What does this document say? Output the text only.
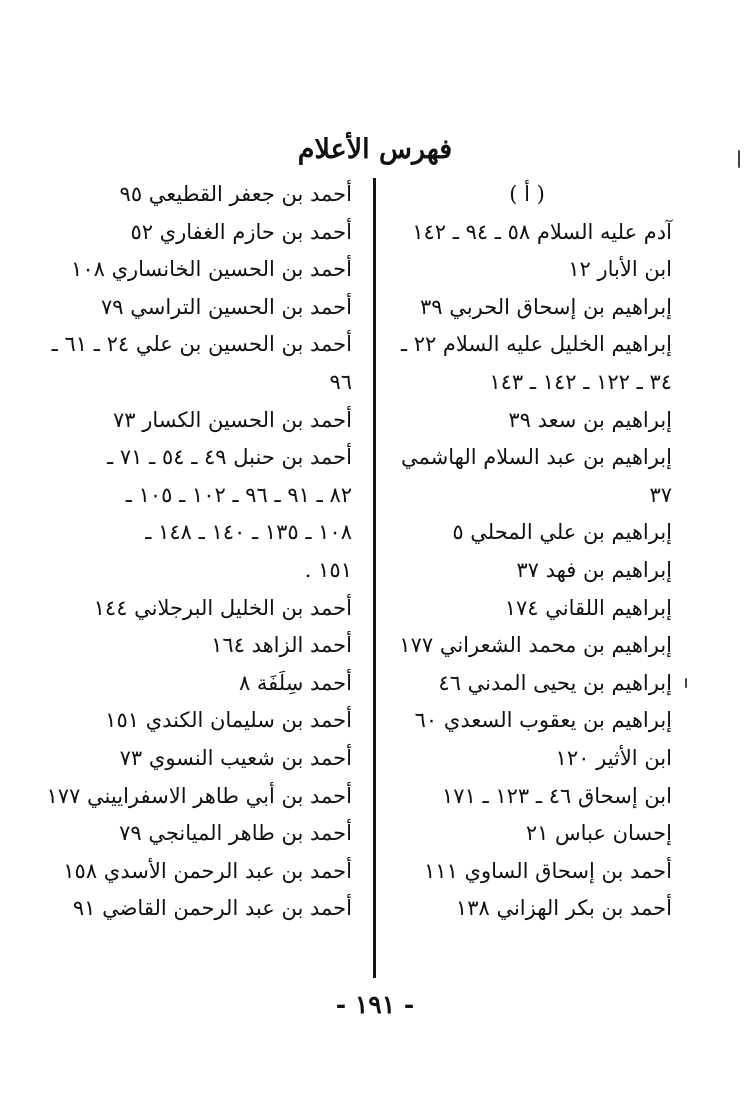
فهرس الأعلام
( أ )
آدم عليه السلام ٥٨ ـ ٩٤ ـ ١٤٢
ابن الأبار ١٢
إبراهيم بن إسحاق الحربي ٣٩
إبراهيم الخليل عليه السلام ٢٢ ـ
٣٤ ـ ١٢٢ ـ ١٤٢ ـ ١٤٣
إبراهيم بن سعد ٣٩
إبراهيم بن عبد السلام الهاشمي
٣٧
إبراهيم بن علي المحلي ٥
إبراهيم بن فهد ٣٧
إبراهيم اللقاني ١٧٤
إبراهيم بن محمد الشعراني ١٧٧
إبراهيم بن يحيى المدني ٤٦
إبراهيم بن يعقوب السعدي ٦٠
ابن الأثير ١٢٠
ابن إسحاق ٤٦ ـ ١٢٣ ـ ١٧١
إحسان عباس ٢١
أحمد بن إسحاق الساوي ١١١
أحمد بن بكر الهزاني ١٣٨
أحمد بن جعفر القطيعي ٩٥
أحمد بن حازم الغفاري ٥٢
أحمد بن الحسين الخانساري ١٠٨
أحمد بن الحسين التراسي ٧٩
أحمد بن الحسين بن علي ٢٤ ـ ٦١ ـ
٩٦
أحمد بن الحسين الكسار ٧٣
أحمد بن حنبل ٤٩ ـ ٥٤ ـ ٧١ ـ
٨٢ ـ ٩١ ـ ٩٦ ـ ١٠٢ ـ ١٠٥ ـ
١٠٨ ـ ١٣٥ ـ ١٤٠ ـ ١٤٨ ـ
١٥١ .
أحمد بن الخليل البرجلاني ١٤٤
أحمد الزاهد ١٦٤
أحمد سِلَفَة ٨
أحمد بن سليمان الكندي ١٥١
أحمد بن شعيب النسوي ٧٣
أحمد بن أبي طاهر الاسفراييني ١٧٧
أحمد بن طاهر الميانجي ٧٩
أحمد بن عبد الرحمن الأسدي ١٥٨
أحمد بن عبد الرحمن القاضي ٩١
- ١٩١ -
